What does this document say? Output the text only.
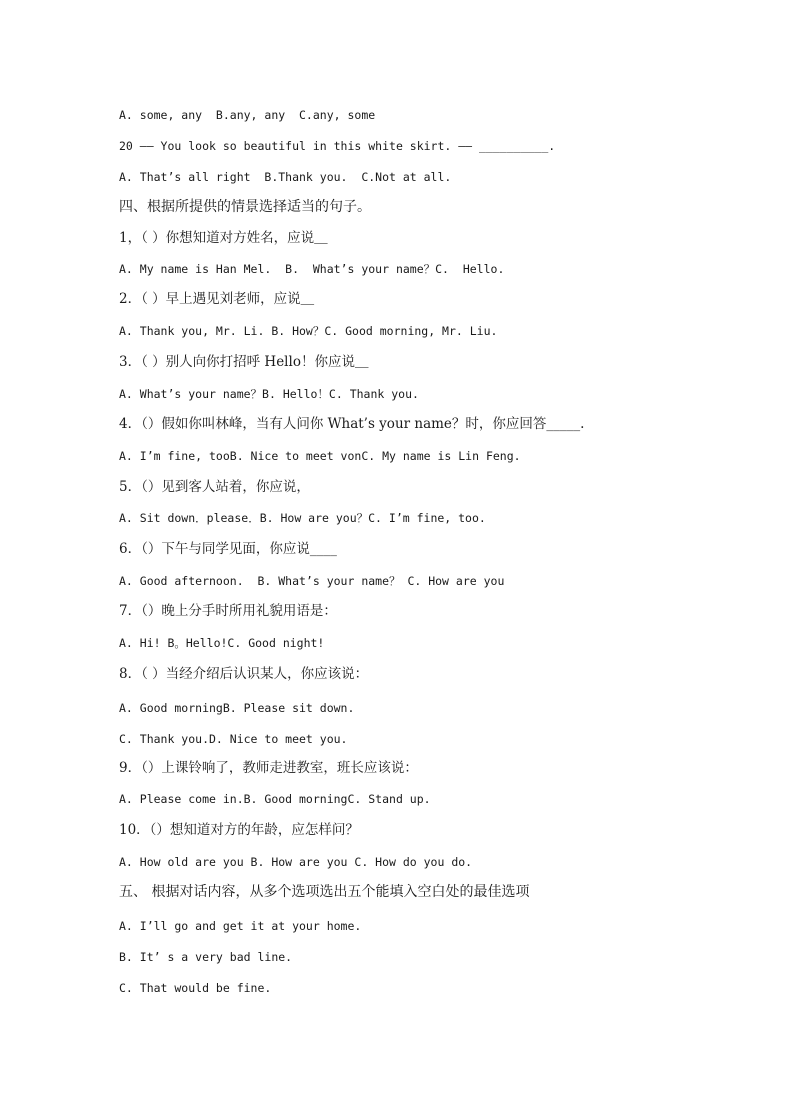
A. some, any  B.any, any  C.any, some
20 —— You look so beautiful in this white skirt. —— __________.
A. That’s all right  B.Thank you.  C.Not at all.
四、根据所提供的情景选择适当的句子。
1，（ ）你想知道对方姓名，应说＿
A. My name is Han Mel.  B.  What’s your name？C.  Hello.
2．（ ）早上遇见刘老师，应说＿
A. Thank you, Mr. Li. B. How？C. Good morning, Mr. Liu.
3．（ ）别人向你打招呼 Hello！你应说＿
A. What’s your name？B. Hello！C. Thank you.
4．（）假如你叫林峰，当有人问你 What’s your name？时，你应回答_____.
A. I’m fine, tooB. Nice to meet vonC. My name is Lin Feng.
5．（）见到客人站着，你应说，
A. Sit down．please．B. How are you？C. I’m fine, too.
6．（）下午与同学见面，你应说____
A. Good afternoon.  B. What’s your name？ C. How are you
7．（）晚上分手时所用礼貌用语是：
A. Hi! B。Hello!C. Good night!
8．（ ）当经介绍后认识某人，你应该说：
A. Good morningB. Please sit down.
C. Thank you.D. Nice to meet you.
9．（）上课铃响了，教师走进教室，班长应该说：
A. Please come in.B. Good morningC. Stand up.
10．（）想知道对方的年龄，应怎样问？
A. How old are you B. How are you C. How do you do.
五、 根据对话内容，从多个选项选出五个能填入空白处的最佳选项
A. I’ll go and get it at your home.
B. It’ s a very bad line.
C. That would be fine.
